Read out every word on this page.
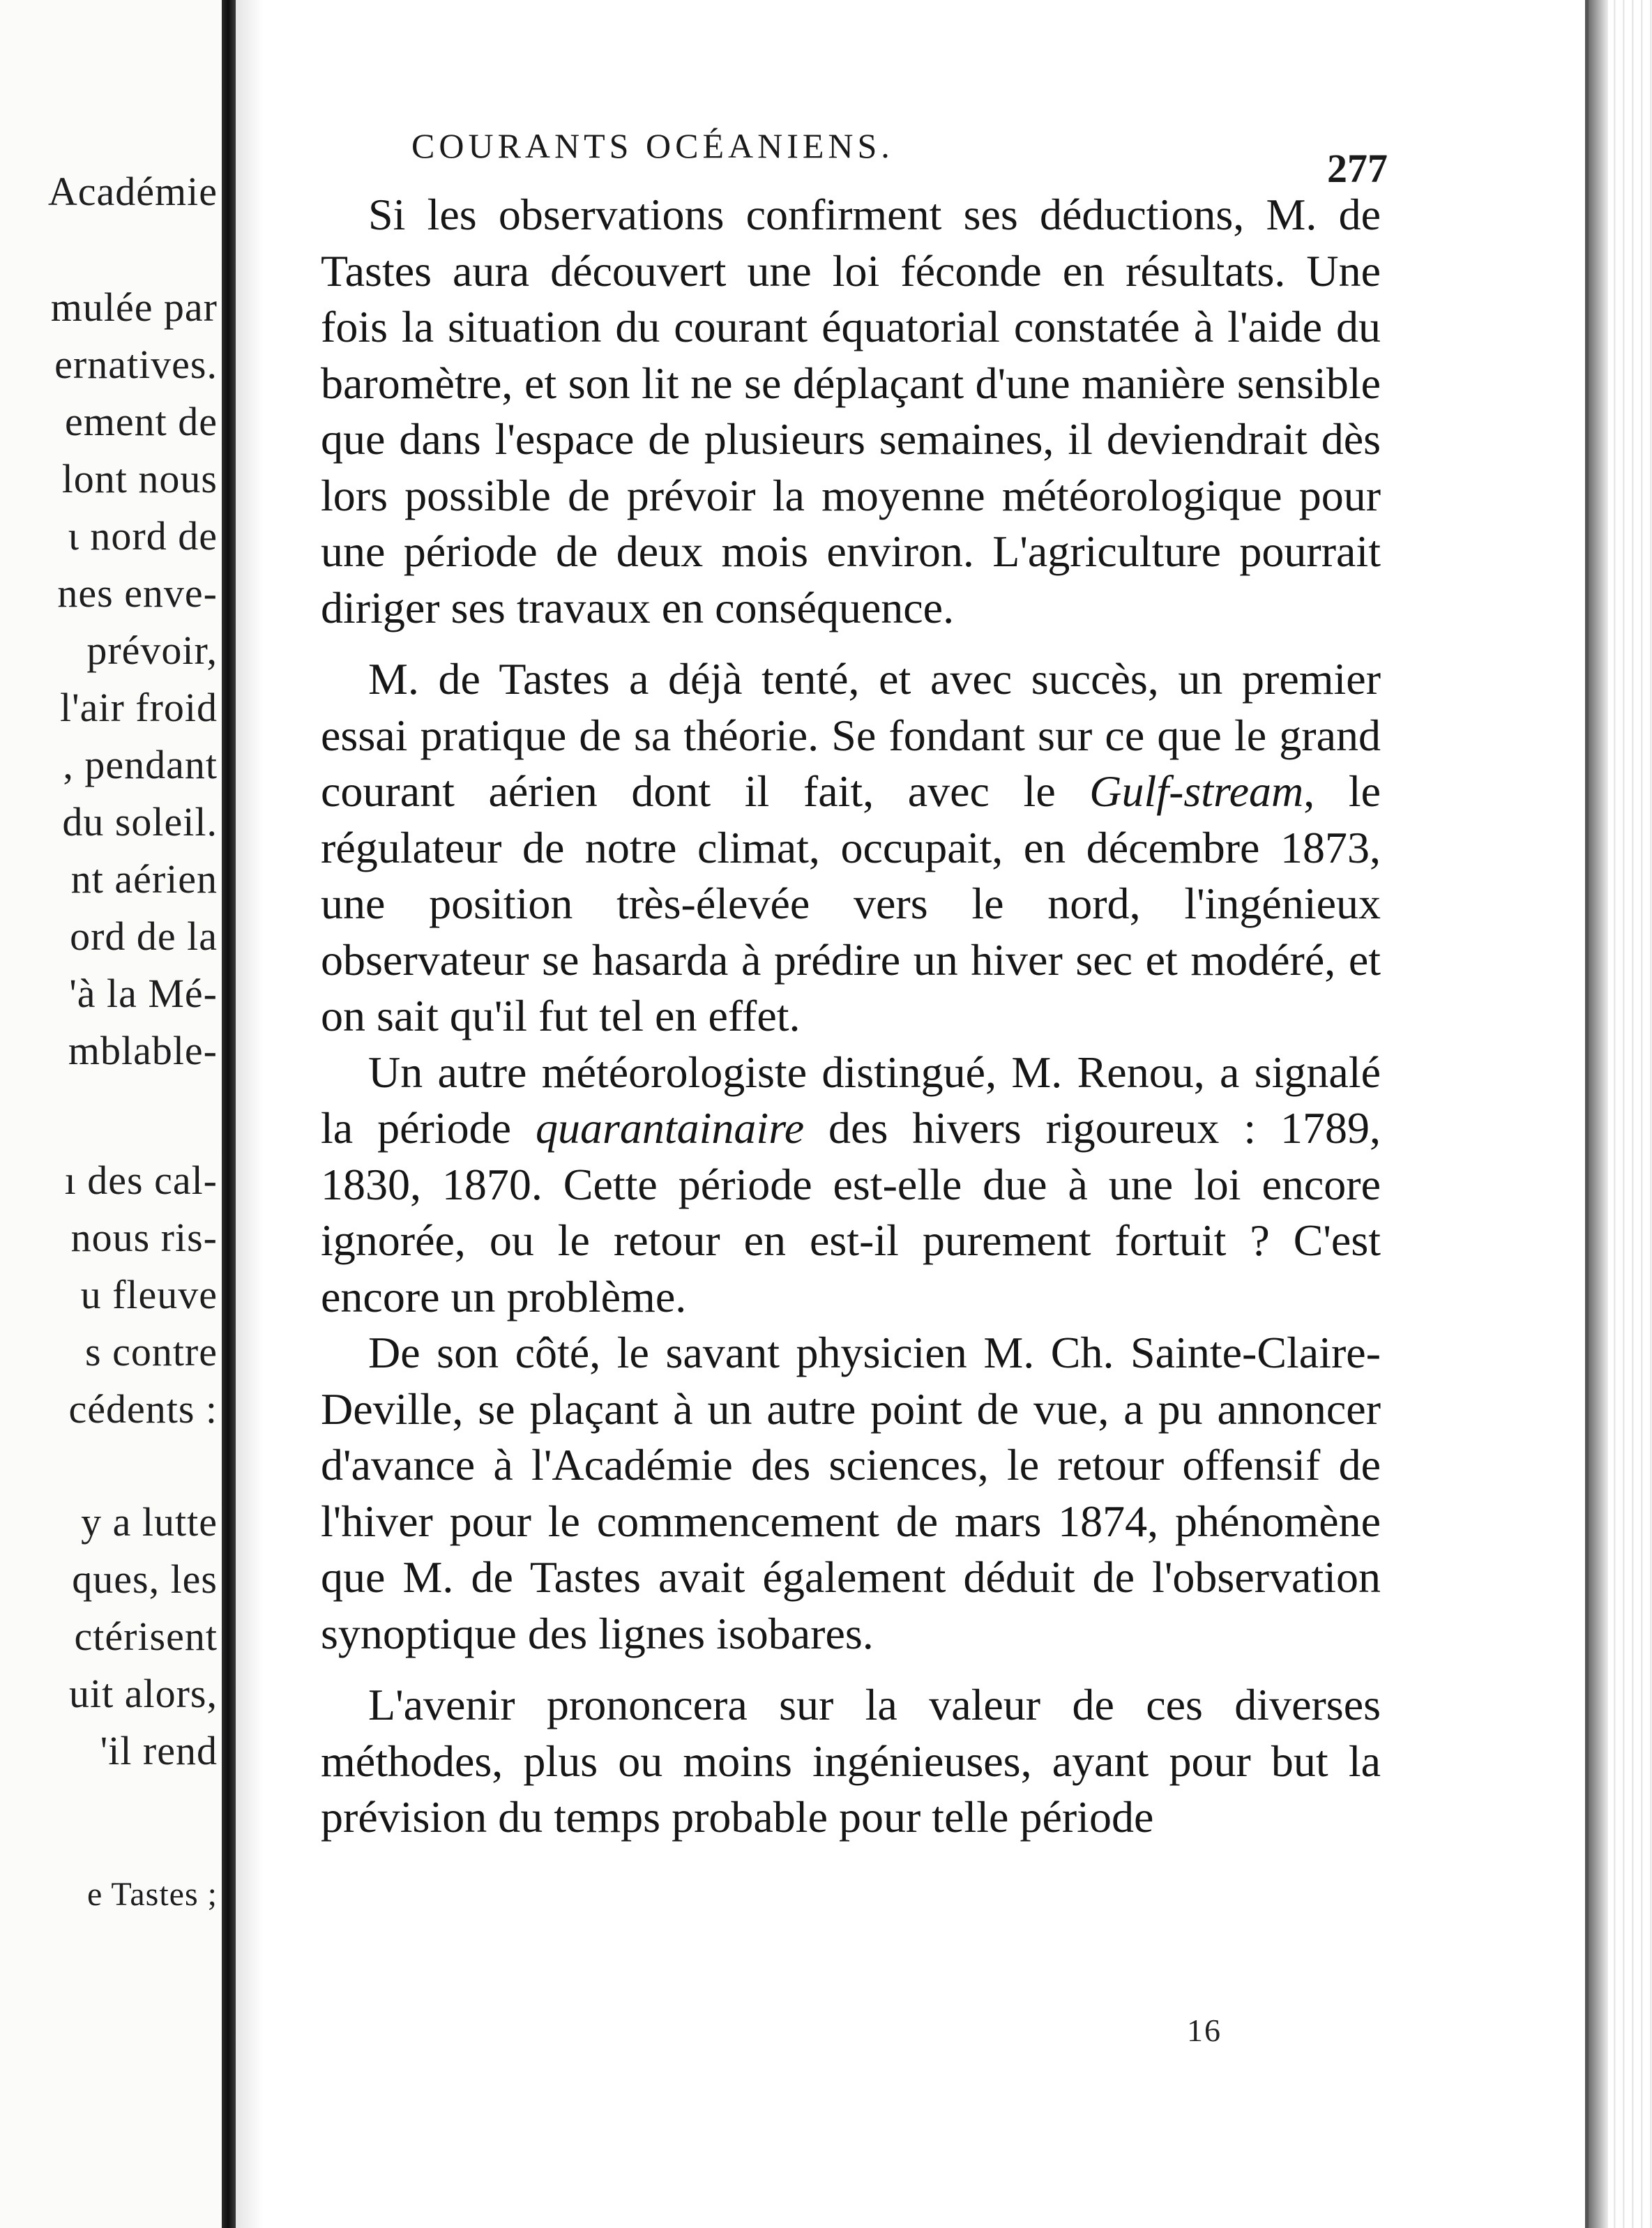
Académie
mulée par
ernatives.
ement de
lont nous
ι nord de
nes enve-
prévoir,
l'air froid
, pendant
du soleil.
nt aérien
ord de la
'à la Mé-
mblable-
ı des cal-
nous ris-
u fleuve
s contre
cédents :
y a lutte
ques, les
ctérisent
uit alors,
'il rend
e Tastes ;
COURANTS OCÉANIENS.	277

Si les observations confirment ses déductions, M. de Tastes aura découvert une loi féconde en résultats. Une fois la situation du courant équatorial constatée à l'aide du baromètre, et son lit ne se déplaçant d'une manière sensible que dans l'espace de plusieurs semaines, il deviendrait dès lors possible de prévoir la moyenne météorologique pour une période de deux mois environ. L'agriculture pourrait diriger ses travaux en conséquence.

M. de Tastes a déjà tenté, et avec succès, un premier essai pratique de sa théorie. Se fondant sur ce que le grand courant aérien dont il fait, avec le Gulf-stream, le régulateur de notre climat, occupait, en décembre 1873, une position très-élevée vers le nord, l'ingénieux observateur se hasarda à prédire un hiver sec et modéré, et on sait qu'il fut tel en effet.

Un autre météorologiste distingué, M. Renou, a signalé la période quarantainaire des hivers rigoureux : 1789, 1830, 1870. Cette période est-elle due à une loi encore ignorée, ou le retour en est-il purement fortuit ? C'est encore un problème.

De son côté, le savant physicien M. Ch. Sainte-Claire-Deville, se plaçant à un autre point de vue, a pu annoncer d'avance à l'Académie des sciences, le retour offensif de l'hiver pour le commencement de mars 1874, phénomène que M. de Tastes avait également déduit de l'observation synoptique des lignes isobares.

L'avenir prononcera sur la valeur de ces diverses méthodes, plus ou moins ingénieuses, ayant pour but la prévision du temps probable pour telle période

16
